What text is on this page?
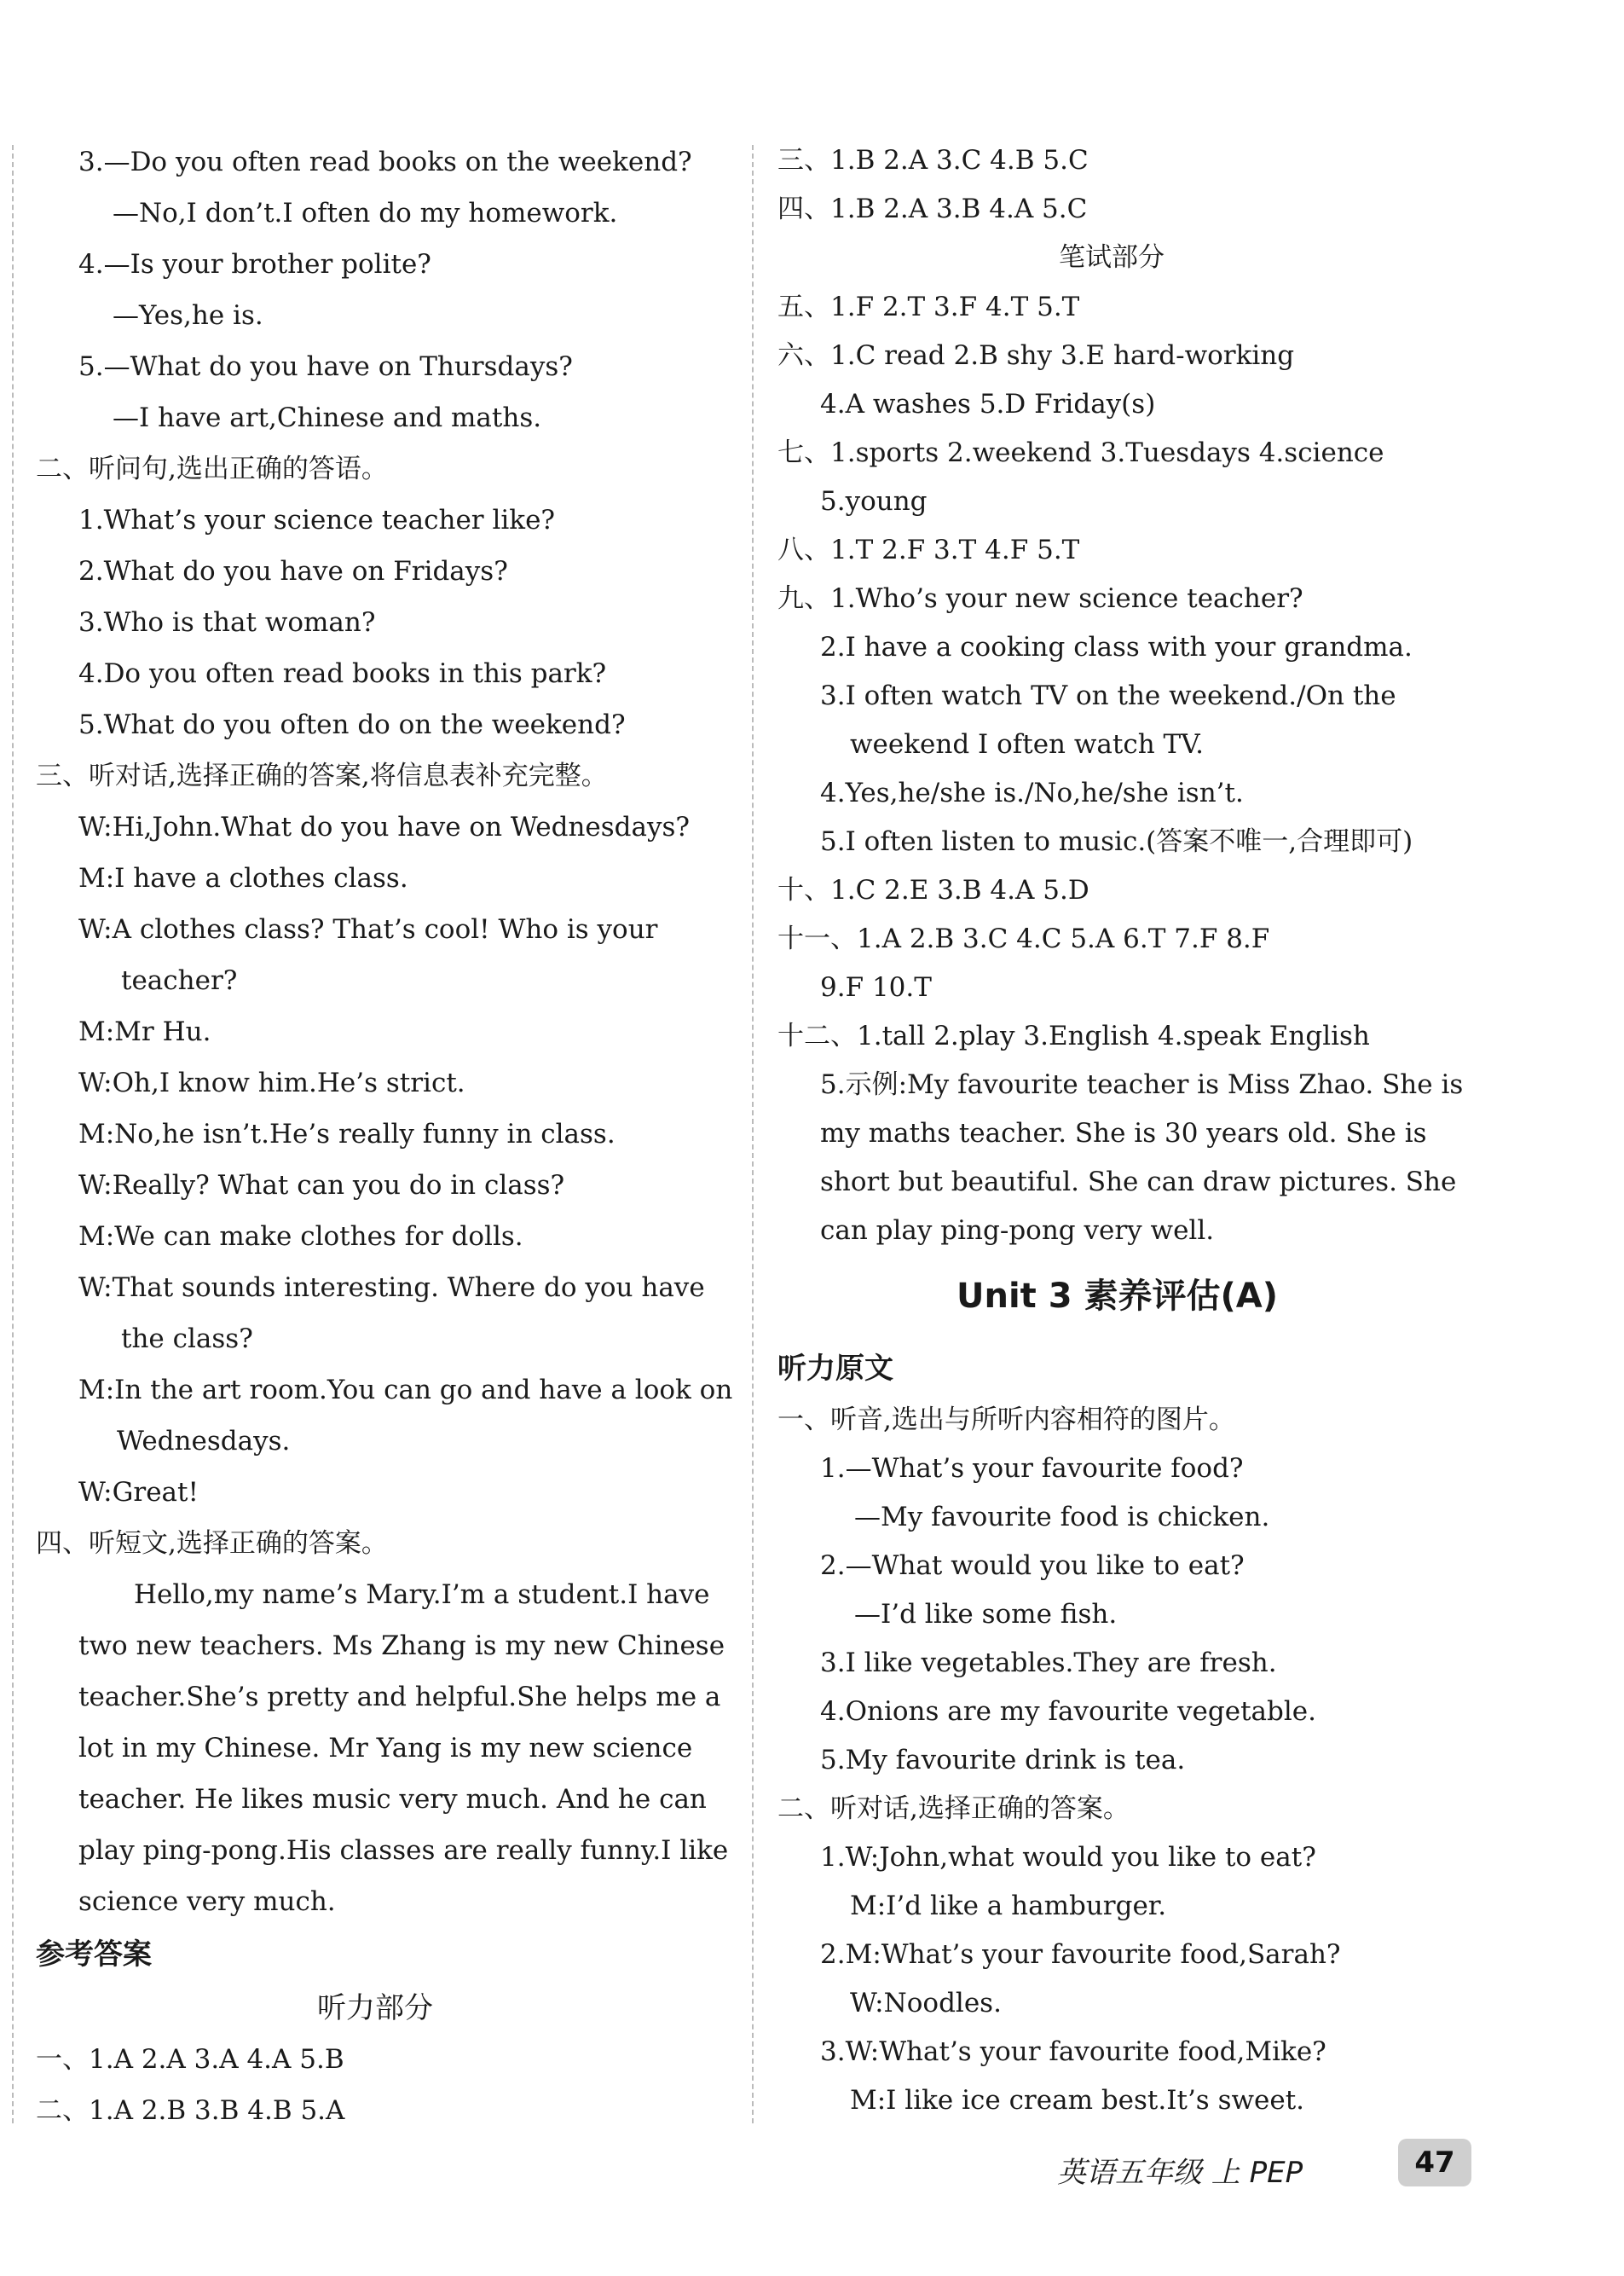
3.—Do you often read books on the weekend?
—No,I don’t.I often do my homework.
4.—Is your brother polite?
—Yes,he is.
5.—What do you have on Thursdays?
—I have art,Chinese and maths.
二、听问句,选出正确的答语。
1.What’s your science teacher like?
2.What do you have on Fridays?
3.Who is that woman?
4.Do you often read books in this park?
5.What do you often do on the weekend?
三、听对话,选择正确的答案,将信息表补充完整。
W:Hi,John.What do you have on Wednesdays?
M:I have a clothes class.
W:A clothes class? That’s cool! Who is your
teacher?
M:Mr Hu.
W:Oh,I know him.He’s strict.
M:No,he isn’t.He’s really funny in class.
W:Really? What can you do in class?
M:We can make clothes for dolls.
W:That sounds interesting. Where do you have
the class?
M:In the art room.You can go and have a look on
Wednesdays.
W:Great!
四、听短文,选择正确的答案。
Hello,my name’s Mary.I’m a student.I have
two new teachers. Ms Zhang is my new Chinese
teacher.She’s pretty and helpful.She helps me a
lot in my Chinese. Mr Yang is my new science
teacher. He likes music very much. And he can
play ping-pong.His classes are really funny.I like
science very much.
参考答案
听力部分
一、1.A 2.A 3.A 4.A 5.B
二、1.A 2.B 3.B 4.B 5.A
三、1.B 2.A 3.C 4.B 5.C
四、1.B 2.A 3.B 4.A 5.C
笔试部分
五、1.F 2.T 3.F 4.T 5.T
六、1.C read 2.B shy 3.E hard-working
4.A washes 5.D Friday(s)
七、1.sports 2.weekend 3.Tuesdays 4.science
5.young
八、1.T 2.F 3.T 4.F 5.T
九、1.Who’s your new science teacher?
2.I have a cooking class with your grandma.
3.I often watch TV on the weekend./On the
weekend I often watch TV.
4.Yes,he/she is./No,he/she isn’t.
5.I often listen to music.(答案不唯一,合理即可)
十、1.C 2.E 3.B 4.A 5.D
十一、1.A 2.B 3.C 4.C 5.A 6.T 7.F 8.F
9.F 10.T
十二、1.tall 2.play 3.English 4.speak English
5.示例:My favourite teacher is Miss Zhao. She is
my maths teacher. She is 30 years old. She is
short but beautiful. She can draw pictures. She
can play ping-pong very well.
Unit 3 素养评估(A)
听力原文
一、听音,选出与所听内容相符的图片。
1.—What’s your favourite food?
—My favourite food is chicken.
2.—What would you like to eat?
—I’d like some fish.
3.I like vegetables.They are fresh.
4.Onions are my favourite vegetable.
5.My favourite drink is tea.
二、听对话,选择正确的答案。
1.W:John,what would you like to eat?
M:I’d like a hamburger.
2.M:What’s your favourite food,Sarah?
W:Noodles.
3.W:What’s your favourite food,Mike?
M:I like ice cream best.It’s sweet.
英语五年级 上 PEP	47
